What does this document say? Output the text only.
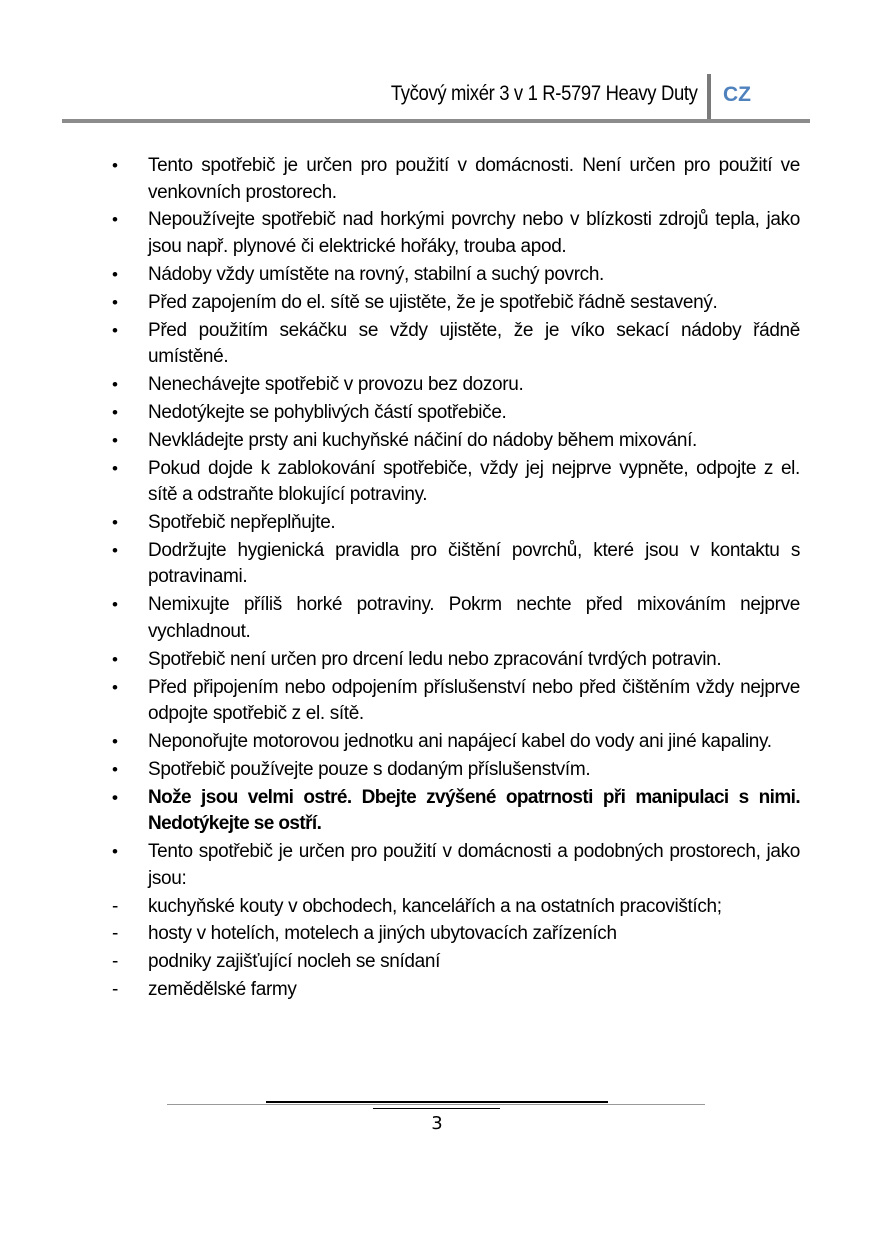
Tyčový mixér 3 v 1 R-5797 Heavy Duty CZ
•	Tento spotřebič je určen pro použití v domácnosti. Není určen pro použití ve venkovních prostorech.
•	Nepoužívejte spotřebič nad horkými povrchy nebo v blízkosti zdrojů tepla, jako jsou např. plynové či elektrické hořáky, trouba apod.
•	Nádoby vždy umístěte na rovný, stabilní a suchý povrch.
•	Před zapojením do el. sítě se ujistěte, že je spotřebič řádně sestavený.
•	Před použitím sekáčku se vždy ujistěte, že je víko sekací nádoby řádně umístěné.
•	Nenechávejte spotřebič v provozu bez dozoru.
•	Nedotýkejte se pohyblivých částí spotřebiče.
•	Nevkládejte prsty ani kuchyňské náčiní do nádoby během mixování.
•	Pokud dojde k zablokování spotřebiče, vždy jej nejprve vypněte, odpojte z el. sítě a odstraňte blokující potraviny.
•	Spotřebič nepřeplňujte.
•	Dodržujte hygienická pravidla pro čištění povrchů, které jsou v kontaktu s potravinami.
•	Nemixujte příliš horké potraviny. Pokrm nechte před mixováním nejprve vychladnout.
•	Spotřebič není určen pro drcení ledu nebo zpracování tvrdých potravin.
•	Před připojením nebo odpojením příslušenství nebo před čištěním vždy nejprve odpojte spotřebič z el. sítě.
•	Neponořujte motorovou jednotku ani napájecí kabel do vody ani jiné kapaliny.
•	Spotřebič používejte pouze s dodaným příslušenstvím.
•	Nože jsou velmi ostré. Dbejte zvýšené opatrnosti při manipulaci s nimi. Nedotýkejte se ostří.
•	Tento spotřebič je určen pro použití v domácnosti a podobných prostorech, jako jsou:
-	kuchyňské kouty v obchodech, kancelářích a na ostatních pracovištích;
-	hosty v hotelích, motelech a jiných ubytovacích zařízeních
-	podniky zajišťující nocleh se snídaní
-	zemědělské farmy
3
